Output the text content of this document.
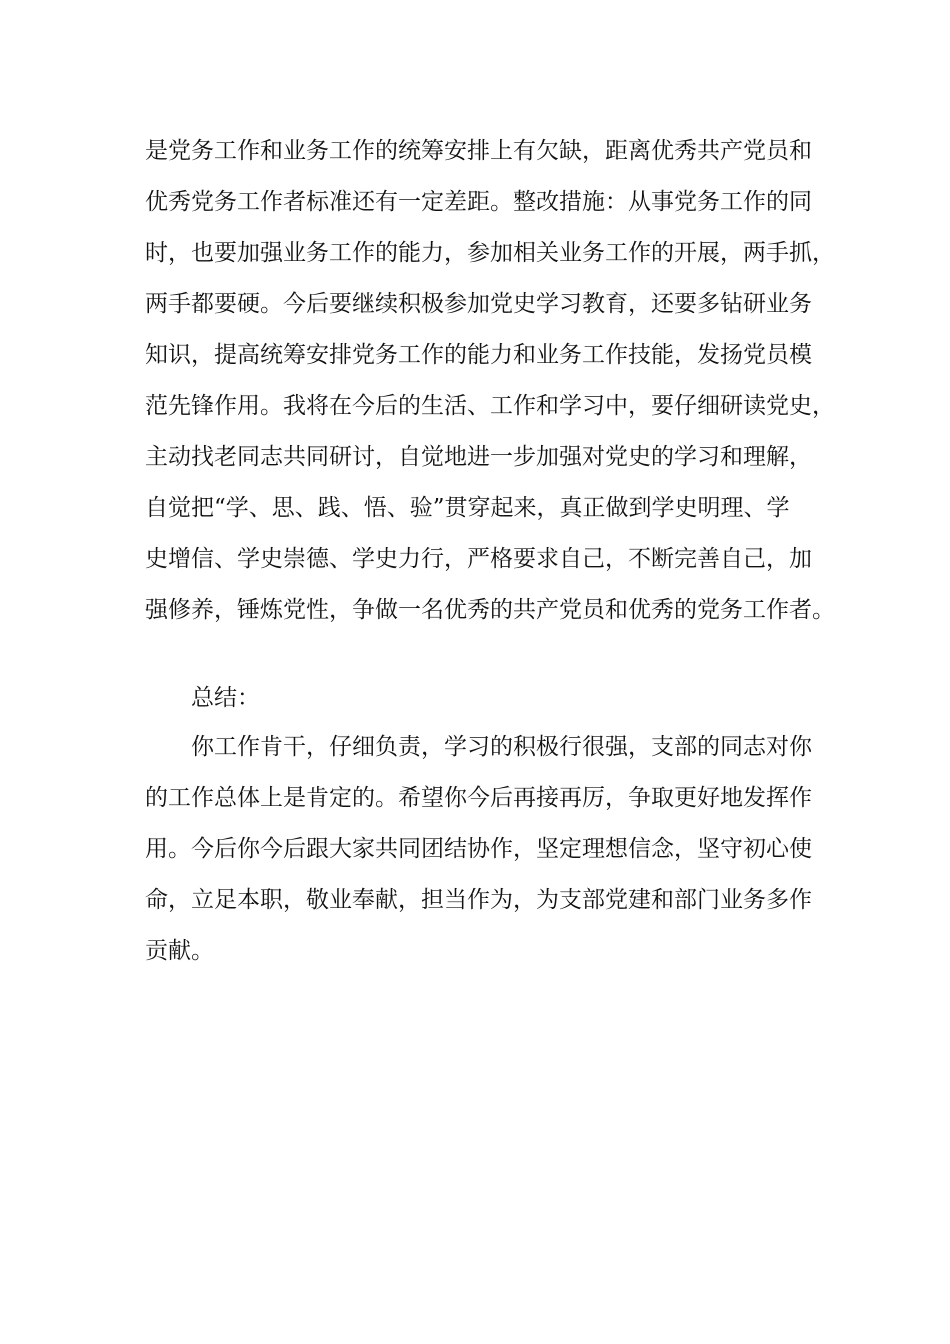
是党务工作和业务工作的统筹安排上有欠缺，距离优秀共产党员和
优秀党务工作者标准还有一定差距。整改措施：从事党务工作的同
时，也要加强业务工作的能力，参加相关业务工作的开展，两手抓，
两手都要硬。今后要继续积极参加党史学习教育，还要多钻研业务
知识，提高统筹安排党务工作的能力和业务工作技能，发扬党员模
范先锋作用。我将在今后的生活、工作和学习中，要仔细研读党史，
主动找老同志共同研讨，自觉地进一步加强对党史的学习和理解，
自觉把“学、思、践、悟、验”贯穿起来，真正做到学史明理、学
史增信、学史崇德、学史力行，严格要求自己，不断完善自己，加
强修养，锤炼党性，争做一名优秀的共产党员和优秀的党务工作者。
总结：
你工作肯干，仔细负责，学习的积极行很强，支部的同志对你
的工作总体上是肯定的。希望你今后再接再厉，争取更好地发挥作
用。今后你今后跟大家共同团结协作，坚定理想信念，坚守初心使
命，立足本职，敬业奉献，担当作为，为支部党建和部门业务多作
贡献。
